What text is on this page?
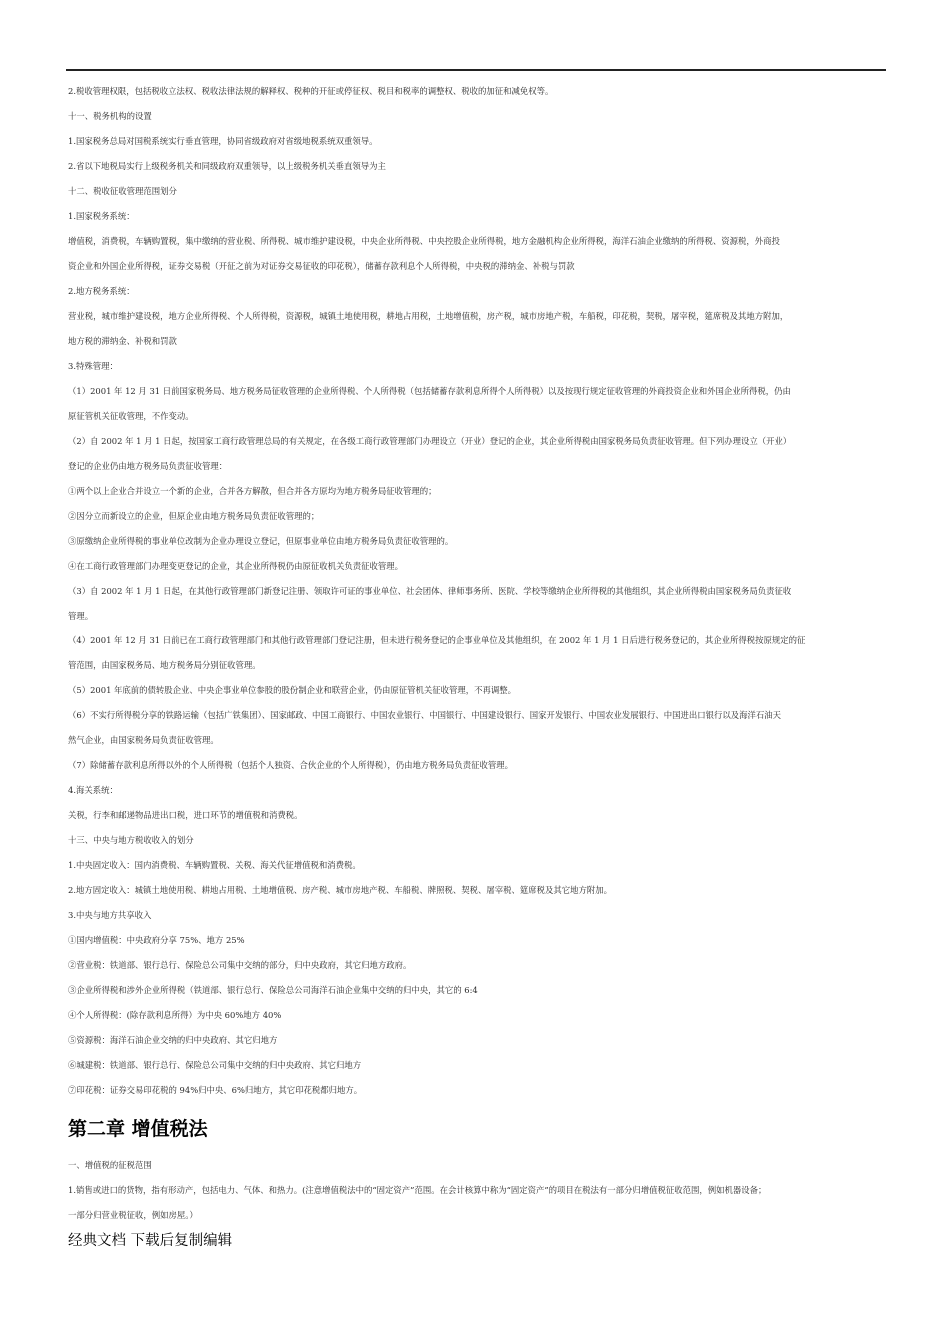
2.税收管理权限，包括税收立法权、税收法律法规的解释权、税种的开征或停征权、税目和税率的调整权、税收的加征和减免权等。
十一、税务机构的设置
1.国家税务总局对国税系统实行垂直管理，协同省级政府对省级地税系统双重领导。
2.省以下地税局实行上级税务机关和同级政府双重领导，以上级税务机关垂直领导为主
十二、税收征收管理范围划分
1.国家税务系统：
增值税，消费税，车辆购置税，集中缴纳的营业税、所得税、城市维护建设税，中央企业所得税、中央控股企业所得税，地方金融机构企业所得税，海洋石油企业缴纳的所得税、资源税，外商投
资企业和外国企业所得税，证券交易税（开征之前为对证券交易征收的印花税），储蓄存款利息个人所得税，中央税的滞纳金、补税与罚款
2.地方税务系统：
营业税，城市维护建设税，地方企业所得税、个人所得税，资源税，城镇土地使用税，耕地占用税，土地增值税，房产税，城市房地产税，车船税，印花税，契税，屠宰税，筵席税及其地方附加，
地方税的滞纳金、补税和罚款
3.特殊管理：
（1）2001 年 12 月 31 日前国家税务局、地方税务局征收管理的企业所得税、个人所得税（包括储蓄存款利息所得个人所得税）以及按现行规定征收管理的外商投资企业和外国企业所得税，仍由
原征管机关征收管理，不作变动。
（2）自 2002 年 1 月 1 日起，按国家工商行政管理总局的有关规定，在各级工商行政管理部门办理设立（开业）登记的企业，其企业所得税由国家税务局负责征收管理。但下列办理设立（开业）
登记的企业仍由地方税务局负责征收管理：
①两个以上企业合并设立一个新的企业，合并各方解散，但合并各方原均为地方税务局征收管理的；
②因分立而新设立的企业，但原企业由地方税务局负责征收管理的；
③原缴纳企业所得税的事业单位改制为企业办理设立登记，但原事业单位由地方税务局负责征收管理的。
④在工商行政管理部门办理变更登记的企业，其企业所得税仍由原征收机关负责征收管理。
（3）自 2002 年 1 月 1 日起，在其他行政管理部门新登记注册、领取许可证的事业单位、社会团体、律师事务所、医院、学校等缴纳企业所得税的其他组织，其企业所得税由国家税务局负责征收
管理。
（4）2001 年 12 月 31 日前已在工商行政管理部门和其他行政管理部门登记注册，但未进行税务登记的企事业单位及其他组织，在 2002 年 1 月 1 日后进行税务登记的，其企业所得税按原规定的征
管范围，由国家税务局、地方税务局分别征收管理。
（5）2001 年底前的债转股企业、中央企事业单位参股的股份制企业和联营企业，仍由原征管机关征收管理，不再调整。
（6）不实行所得税分享的铁路运输（包括广铁集团）、国家邮政、中国工商银行、中国农业银行、中国银行、中国建设银行、国家开发银行、中国农业发展银行、中国进出口银行以及海洋石油天
然气企业，由国家税务局负责征收管理。
（7）除储蓄存款利息所得以外的个人所得税（包括个人独资、合伙企业的个人所得税），仍由地方税务局负责征收管理。
4.海关系统：
关税，行李和邮递物品进出口税，进口环节的增值税和消费税。
十三、中央与地方税收收入的划分
1.中央固定收入：国内消费税、车辆购置税、关税、海关代征增值税和消费税。
2.地方固定收入：城镇土地使用税、耕地占用税、土地增值税、房产税、城市房地产税、车船税、牌照税、契税、屠宰税、筵席税及其它地方附加。
3.中央与地方共享收入
①国内增值税：中央政府分享 75%、地方 25%
②营业税：铁道部、银行总行、保险总公司集中交纳的部分，归中央政府，其它归地方政府。
③企业所得税和涉外企业所得税（铁道部、银行总行、保险总公司海洋石油企业集中交纳的归中央，其它的 6:4
④个人所得税：(除存款利息所得）为中央 60%地方 40%
⑤资源税：海洋石油企业交纳的归中央政府、其它归地方
⑥城建税：铁道部、银行总行、保险总公司集中交纳的归中央政府、其它归地方
⑦印花税：证券交易印花税的 94%归中央、6%归地方，其它印花税都归地方。
第二章 增值税法
一、增值税的征税范围
1.销售或进口的货物，指有形动产，包括电力、气体、和热力。(注意增值税法中的“固定资产”范围。在会计核算中称为“固定资产”的项目在税法有一部分归增值税征收范围，例如机器设备；
一部分归营业税征收，例如房屋。）
经典文档 下载后复制编辑
